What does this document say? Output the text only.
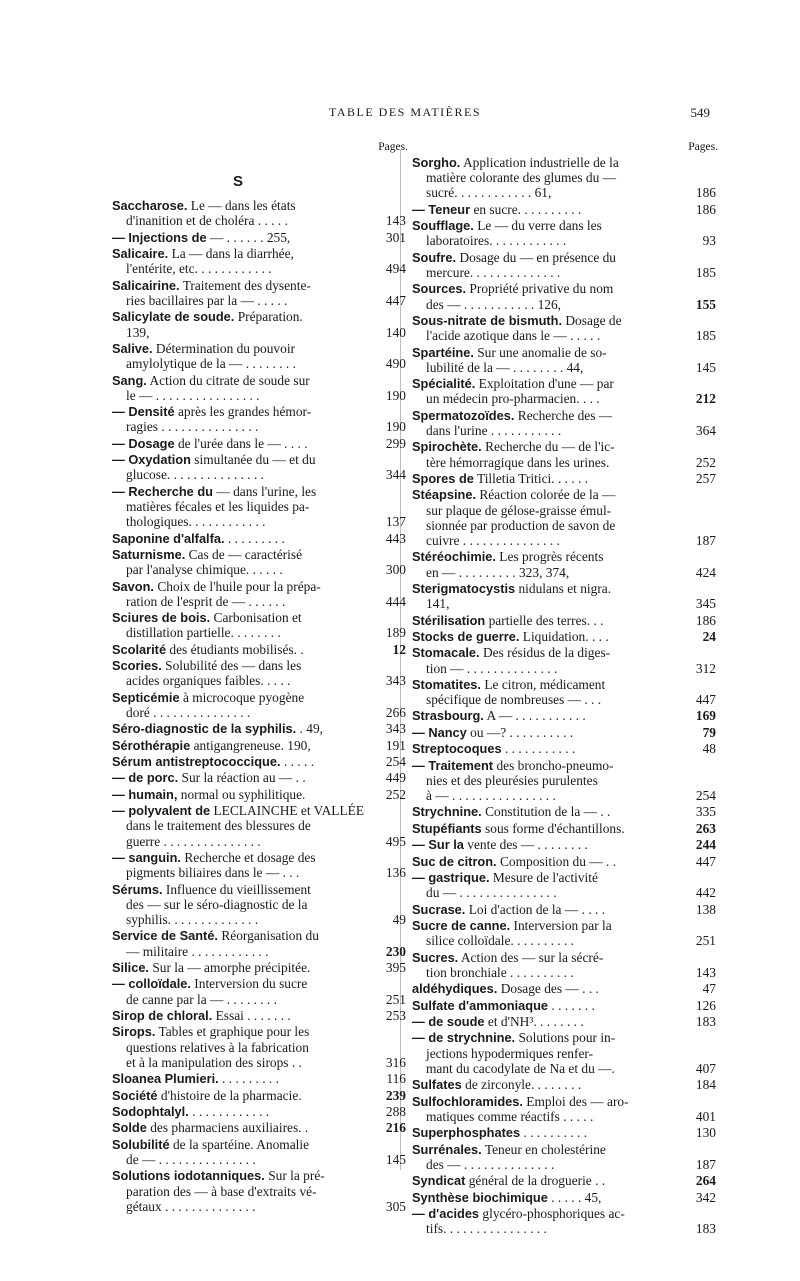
TABLE DES MATIÈRES	549
Pages.
S
Saccharose. Le — dans les états
d'inanition et de choléra . . . . .	143
— Injections de — . . . . . . 255,	301
Salicaire. La — dans la diarrhée,
l'entérite, etc. . . . . . . . . . . .	494
Salicairine. Traitement des dysente-
ries bacillaires par la — . . . . .	447
Salicylate de soude. Préparation.
139,	140
Salive. Détermination du pouvoir
amylolytique de la — . . . . . . . .	490
Sang. Action du citrate de soude sur
le — . . . . . . . . . . . . . . . .	190
— Densité après les grandes hémor-
ragies . . . . . . . . . . . . . . .	190
— Dosage de l'urée dans le — . . . .	299
— Oxydation simultanée du — et du
glucose. . . . . . . . . . . . . . .	344
— Recherche du — dans l'urine, les
matières fécales et les liquides pa-
thologiques. . . . . . . . . . . .	137
Saponine d'alfalfa. . . . . . . . . .	443
Saturnisme. Cas de — caractérisé
par l'analyse chimique. . . . . .	300
Savon. Choix de l'huile pour la prépa-
ration de l'esprit de — . . . . . .	444
Sciures de bois. Carbonisation et
distillation partielle. . . . . . . .	189
Scolarité des étudiants mobilisés. .	12
Scories. Solubilité des — dans les
acides organiques faibles. . . . .	343
Septicémie à microcoque pyogène
doré . . . . . . . . . . . . . . .	266
Séro-diagnostic de la syphilis. . 49,	343
Sérothérapie antigangreneuse. 190,	191
Sérum antistreptococcique. . . . . .	254
— de porc. Sur la réaction au — . .	449
— humain, normal ou syphilitique.	252
— polyvalent de LECLAINCHE et VALLÉE
dans le traitement des blessures de
guerre . . . . . . . . . . . . . . .	495
— sanguin. Recherche et dosage des
pigments biliaires dans le — . . .	136
Sérums. Influence du vieillissement
des — sur le séro-diagnostic de la
syphilis. . . . . . . . . . . . . .	49
Service de Santé. Réorganisation du
— militaire . . . . . . . . . . . .	230
Silice. Sur la — amorphe précipitée.	395
— colloïdale. Interversion du sucre
de canne par la — . . . . . . . .	251
Sirop de chloral. Essai . . . . . . .	253
Sirops. Tables et graphique pour les
questions relatives à la fabrication
et à la manipulation des sirops . .	316
Sloanea Plumieri. . . . . . . . . .	116
Société d'histoire de la pharmacie.	239
Sodophtalyl. . . . . . . . . . . . .	288
Solde des pharmaciens auxiliaires. .	216
Solubilité de la spartéine. Anomalie
de — . . . . . . . . . . . . . . .	145
Solutions iodotanniques. Sur la pré-
paration des — à base d'extraits vé-
gétaux . . . . . . . . . . . . . .	305
Pages.
Sorgho. Application industrielle de la
matière colorante des glumes du —
sucré. . . . . . . . . . . . 61,	186
— Teneur en sucre. . . . . . . . . .	186
Soufflage. Le — du verre dans les
laboratoires. . . . . . . . . . . .	93
Soufre. Dosage du — en présence du
mercure. . . . . . . . . . . . . .	185
Sources. Propriété privative du nom
des — . . . . . . . . . . . 126,	155
Sous-nitrate de bismuth. Dosage de
l'acide azotique dans le — . . . . .	185
Spartéine. Sur une anomalie de so-
lubilité de la — . . . . . . . . 44,	145
Spécialité. Exploitation d'une — par
un médecin pro-pharmacien. . . .	212
Spermatozoïdes. Recherche des —
dans l'urine . . . . . . . . . . .	364
Spirochète. Recherche du — de l'ic-
tère hémorragique dans les urines.	252
Spores de Tilletia Tritici. . . . . .	257
Stéapsine. Réaction colorée de la —
sur plaque de gélose-graisse émul-
sionnée par production de savon de
cuivre . . . . . . . . . . . . . . .	187
Stéréochimie. Les progrès récents
en — . . . . . . . . . 323, 374,	424
Sterigmatocystis nidulans et nigra.
141,	345
Stérilisation partielle des terres. . .	186
Stocks de guerre. Liquidation. . . .	24
Stomacale. Des résidus de la diges-
tion — . . . . . . . . . . . . . .	312
Stomatites. Le citron, médicament
spécifique de nombreuses — . . .	447
Strasbourg. A — . . . . . . . . . . .	169
— Nancy ou —? . . . . . . . . . .	79
Streptocoques . . . . . . . . . . .	48
— Traitement des broncho-pneumo-
nies et des pleurésies purulentes
à — . . . . . . . . . . . . . . . .	254
Strychnine. Constitution de la — . .	335
Stupéfiants sous forme d'échantillons.	263
— Sur la vente des — . . . . . . . .	244
Suc de citron. Composition du — . .	447
— gastrique. Mesure de l'activité
du — . . . . . . . . . . . . . . .	442
Sucrase. Loi d'action de la — . . . .	138
Sucre de canne. Interversion par la
silice colloïdale. . . . . . . . . .	251
Sucres. Action des — sur la sécré-
tion bronchiale . . . . . . . . . .	143
aldéhydiques. Dosage des — . . .	47
Sulfate d'ammoniaque . . . . . . .	126
— de soude et d'NH³. . . . . . . .	183
— de strychnine. Solutions pour in-
jections hypodermiques renfer-
mant du cacodylate de Na et du —.	407
Sulfates de zirconyle. . . . . . . .	184
Sulfochloramides. Emploi des — aro-
matiques comme réactifs . . . . .	401
Superphosphates . . . . . . . . . .	130
Surrénales. Teneur en cholestérine
des — . . . . . . . . . . . . . .	187
Syndicat général de la droguerie . .	264
Synthèse biochimique . . . . . 45,	342
— d'acides glycéro-phosphoriques ac-
tifs. . . . . . . . . . . . . . . .	183
